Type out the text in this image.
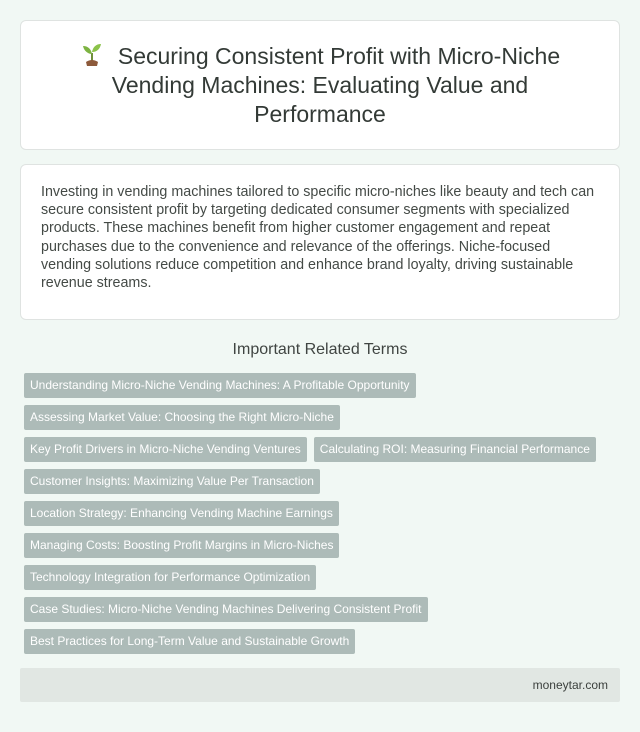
Securing Consistent Profit with Micro-Niche Vending Machines: Evaluating Value and Performance

Investing in vending machines tailored to specific micro-niches like beauty and tech can secure consistent profit by targeting dedicated consumer segments with specialized products. These machines benefit from higher customer engagement and repeat purchases due to the convenience and relevance of the offerings. Niche-focused vending solutions reduce competition and enhance brand loyalty, driving sustainable revenue streams.

Important Related Terms
Understanding Micro-Niche Vending Machines: A Profitable Opportunity
Assessing Market Value: Choosing the Right Micro-Niche
Key Profit Drivers in Micro-Niche Vending Ventures	Calculating ROI: Measuring Financial Performance
Customer Insights: Maximizing Value Per Transaction
Location Strategy: Enhancing Vending Machine Earnings
Managing Costs: Boosting Profit Margins in Micro-Niches
Technology Integration for Performance Optimization
Case Studies: Micro-Niche Vending Machines Delivering Consistent Profit
Best Practices for Long-Term Value and Sustainable Growth
moneytar.com
